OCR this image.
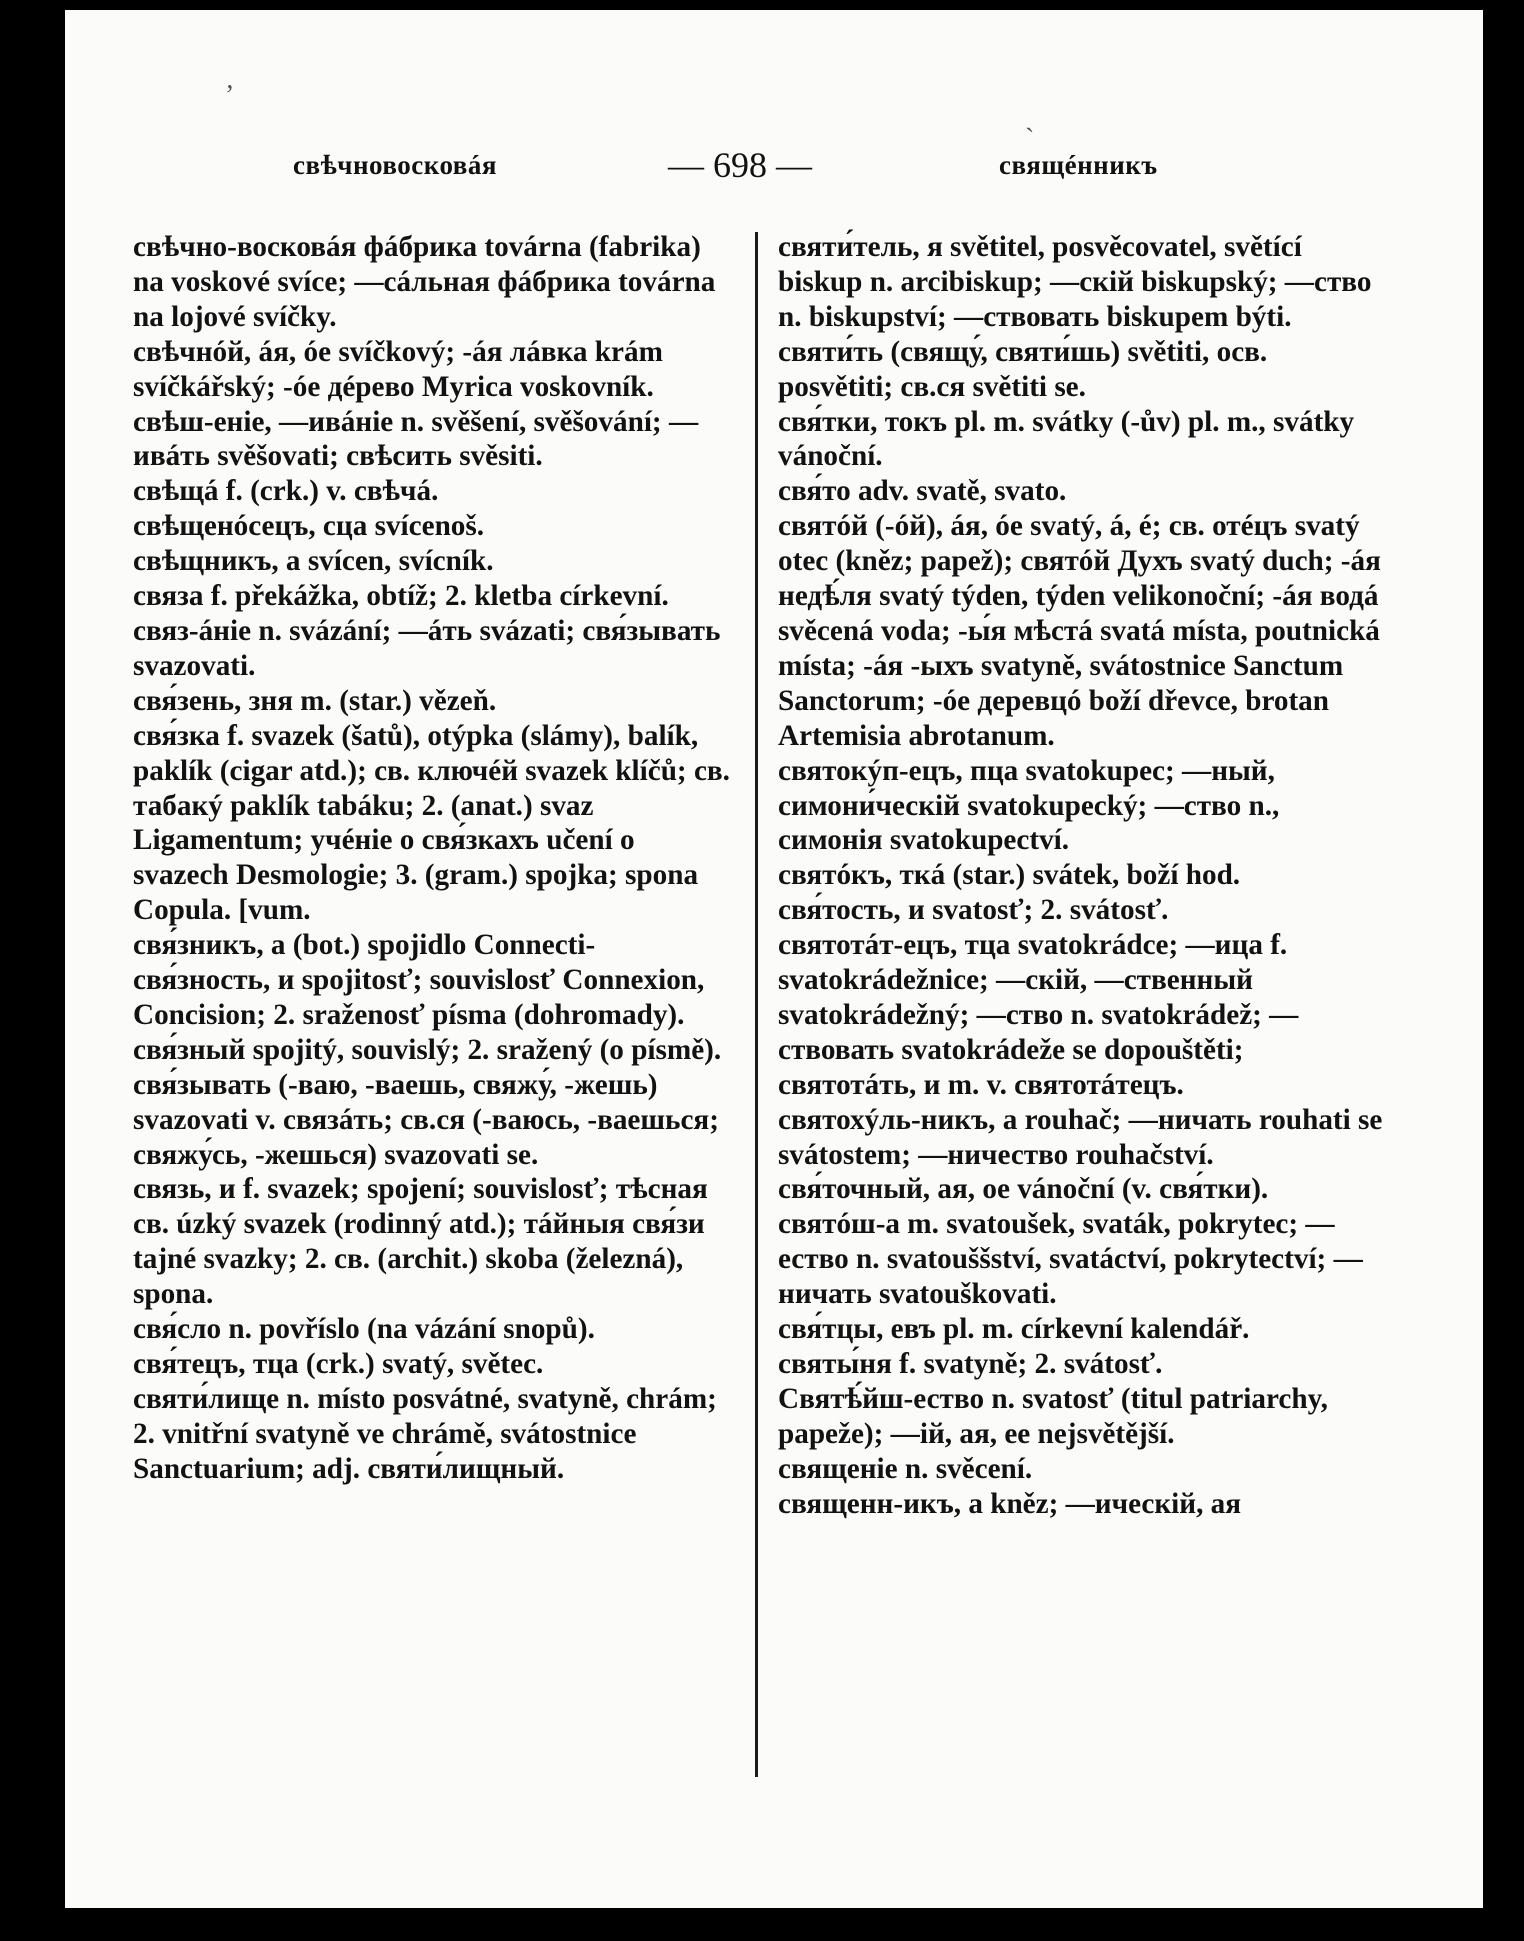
ʼ
ˎ
свѣчновосковáя	— 698 —	свящéнникъ

свѣчно-восковáя фáбрика továrna (fabrika) na voskové svíce; —сáльная фáбрика továrna na lojové svíčky.

свѣчнóй, áя, óе svíčkový; -áя лáвка krám svíčkářský; -óе дéрево Myrica voskovník.

свѣш-енiе, —ивáнiе n. svěšení, svěšování; —ивáть svěšovati; свѣсить svěsiti.

свѣщá f. (crk.) v. свѣчá.

свѣщенóсецъ, сца svícenoš.

свѣщникъ, a svícen, svícník.

связа f. překážka, obtíž; 2. kletba církevní.

связ-áнiе n. svázání; —áть svázati; свя́зывать svazovati.

свя́зень, зня m. (star.) vězeň.

свя́зка f. svazek (šatů), otýpka (slámy), balík, paklík (cigar atd.); св. ключéй svazek klíčů; св. табакý paklík tabáku; 2. (anat.) svaz Ligamentum; учéнiе о свя́зкахъ učení o svazech Desmologie; 3. (gram.) spojka; spona Copula. [vum.

свя́зникъ, a (bot.) spojidlo Connecti-

свя́зность, и spojitosť; souvislosť Connexion, Concision; 2. sraženosť písma (dohromady).

свя́зный spojitý, souvislý; 2. sražený (o písmě).

свя́зывать (-ваю, -ваешь, свяжу́, -жешь) svazovati v. связáть; св.ся (-ваюсь, -ваешься; свяжу́сь, -жешься) svazovati se.

связь, и f. svazek; spojení; souvislosť; тѣсная св. úzký svazek (rodinný atd.); тáйныя свя́зи tajné svazky; 2. св. (archit.) skoba (železná), spona.

свя́сло n. povříslo (na vázání snopů).

свя́тецъ, тца (crk.) svatý, světec.

святи́лище n. místo posvátné, svatyně, chrám; 2. vnitřní svatyně ve chrámě, svátostnice Sanctuarium; adj. святи́лищный.

святи́тель, я světitel, posvěcovatel, světící biskup n. arcibiskup; —скiй biskupský; —ство n. biskupství; —ствовать biskupem býti.

святи́ть (свящу́, святи́шь) světiti, осв. posvětiti; св.ся světiti se.

свя́тки, токъ pl. m. svátky (-ův) pl. m., svátky vánoční.

свя́то adv. svatě, svato.

святóй (-óй), áя, óе svatý, á, é; св. отéцъ svatý otec (kněz; papež); святóй Духъ svatý duch; -áя недѣ́ля svatý týden, týden velikonoční; -áя водá svěcená voda; -ы́я мѣстá svatá místa, poutnická místa; -áя -ыхъ svatyně, svátostnice Sanctum Sanctorum; -óе деревцó boží dřevce, brotan Artemisia abrotanum.

святокýп-ецъ, пца svatokupec; —ный, симони́ческiй svatokupecký; —ство n., симонiя svatokupectví.

святóкъ, ткá (star.) svátek, boží hod.

свя́тость, и svatosť; 2. svátosť.

святотáт-ецъ, тца svatokrádce; —ица f. svatokrádežnice; —скiй, —ственный svatokrádežný; —ство n. svatokrádež; —ствовать svatokrádeže se dopouštěti; святотáть, и m. v. святотáтецъ.

святохýль-никъ, a rouhač; —ничать rouhati se svátostem; —ничество rouhačství.

свя́точный, ая, ое vánoční (v. свя́тки).

святóш-a m. svatoušek, svaták, pokrytec; —ество n. svatouššství, svatáctví, pokrytectví; —ничать svatouškovati.

свя́тцы, евъ pl. m. církevní kalendář.

святы́ня f. svatyně; 2. svátosť.

Святѣ́йш-ество n. svatosť (titul patriarchy, papeže); —iй, ая, ее nejsvětější.

священiе n. svěcení.

священн-икъ, a kněz; —ическiй, ая
